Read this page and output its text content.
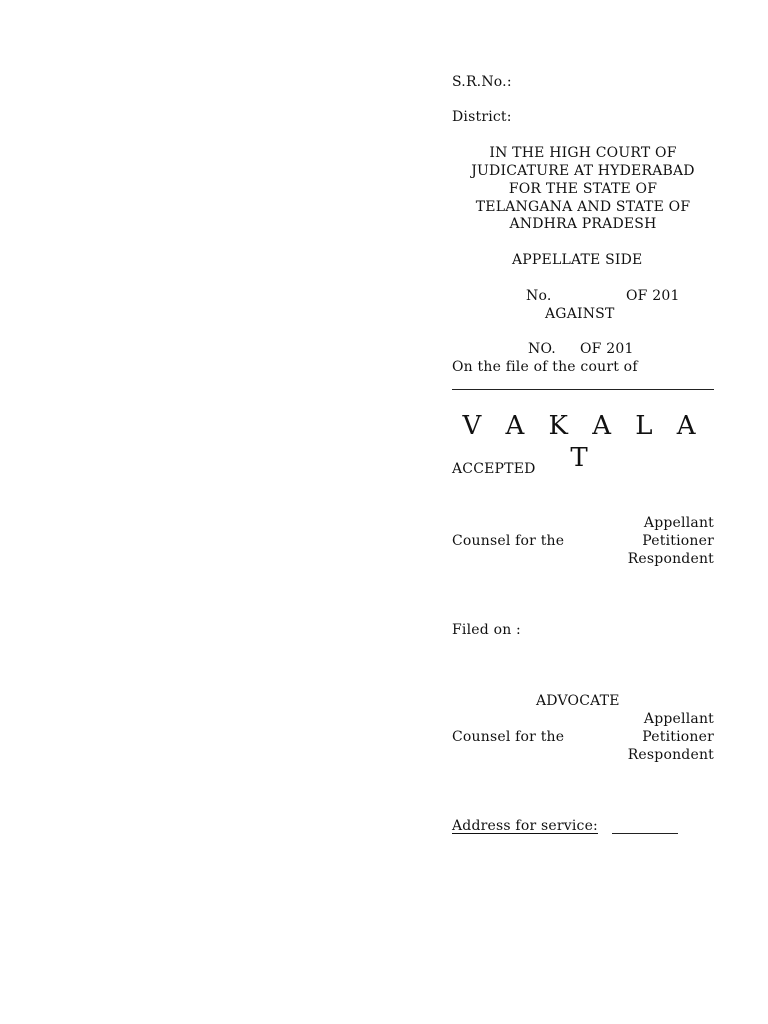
S.R.No.:
District:
IN THE HIGH COURT OF
JUDICATURE AT HYDERABAD
FOR THE STATE OF
TELANGANA AND STATE OF
ANDHRA PRADESH
APPELLATE SIDE
No.	OF 201
AGAINST
NO. OF 201
On the file of the court of
V A K A L A T
ACCEPTED
Appellant
Counsel for the	Petitioner
Respondent
Filed on :
ADVOCATE
Appellant
Counsel for the	Petitioner
Respondent
Address for service:
